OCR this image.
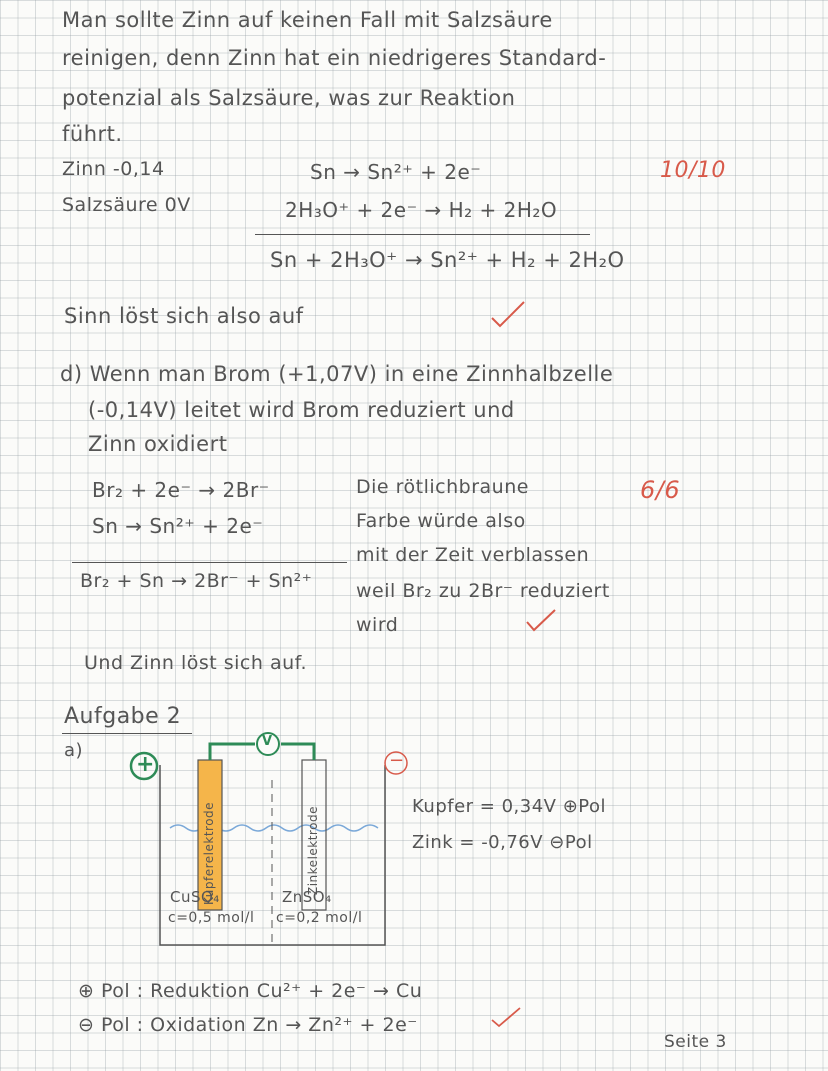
Man sollte Zinn auf keinen Fall mit Salzsäure
reinigen, denn Zinn hat ein niedrigeres Standard-
potenzial als Salzsäure, was zur Reaktion
führt.
Zinn -0,14
Salzsäure 0V
Sn → Sn²⁺ + 2e⁻
2H₃O⁺ + 2e⁻ → H₂ + 2H₂O
Sn + 2H₃O⁺ → Sn²⁺ + H₂ + 2H₂O
10/10
Sinn löst sich also auf
d) Wenn man Brom (+1,07V) in eine Zinnhalbzelle
(-0,14V) leitet wird Brom reduziert und
Zinn oxidiert
Br₂ + 2e⁻ → 2Br⁻
Sn → Sn²⁺ + 2e⁻
Br₂ + Sn → 2Br⁻ + Sn²⁺
Die rötlichbraune
Farbe würde also
mit der Zeit verblassen
weil Br₂ zu 2Br⁻ reduziert
wird
6/6
Und Zinn löst sich auf.
Aufgabe 2
a)
+	−
V
Kupferelektrode	Zinkelektrode
CuSO₄
c=0,5 mol/l
ZnSO₄
c=0,2 mol/l
Kupfer = 0,34V ⊕Pol
Zink = -0,76V ⊖Pol
⊕ Pol : Reduktion Cu²⁺ + 2e⁻ → Cu
⊖ Pol : Oxidation Zn → Zn²⁺ + 2e⁻
Seite 3
